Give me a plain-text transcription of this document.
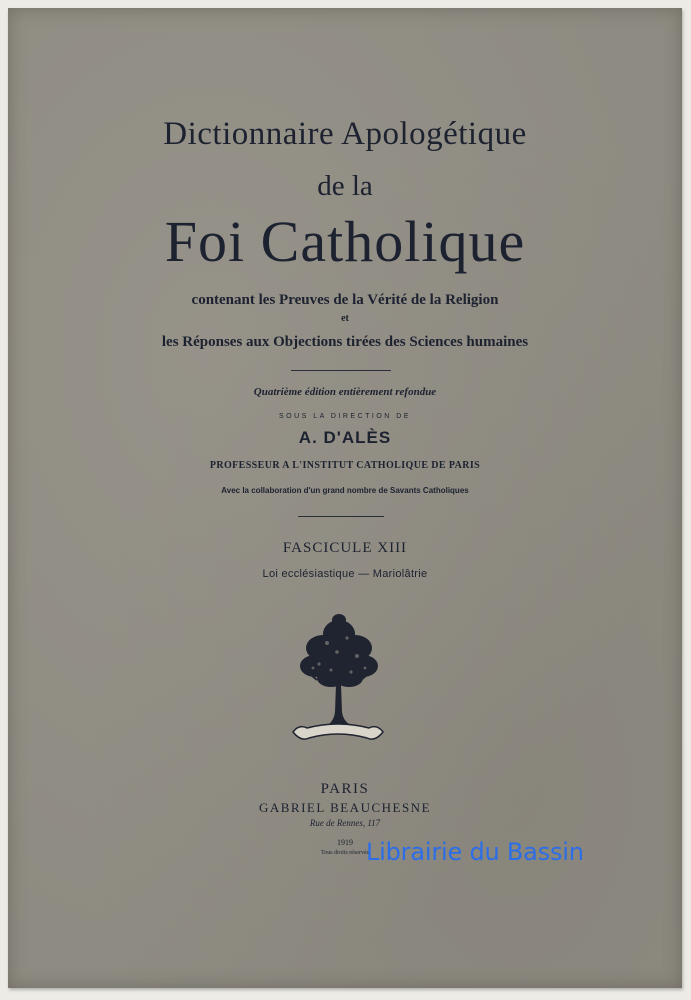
Dictionnaire Apologétique
de la
Foi Catholique
contenant les Preuves de la Vérité de la Religion
et
les Réponses aux Objections tirées des Sciences humaines
Quatrième édition entièrement refondue
SOUS LA DIRECTION DE
A. D'ALÈS
PROFESSEUR A L'INSTITUT CATHOLIQUE DE PARIS
Avec la collaboration d'un grand nombre de Savants Catholiques
FASCICULE XIII
Loi ecclésiastique — Mariolâtrie
PARIS
GABRIEL BEAUCHESNE
Rue de Rennes, 117
1919
Tous droits réservés
Librairie du Bassin
